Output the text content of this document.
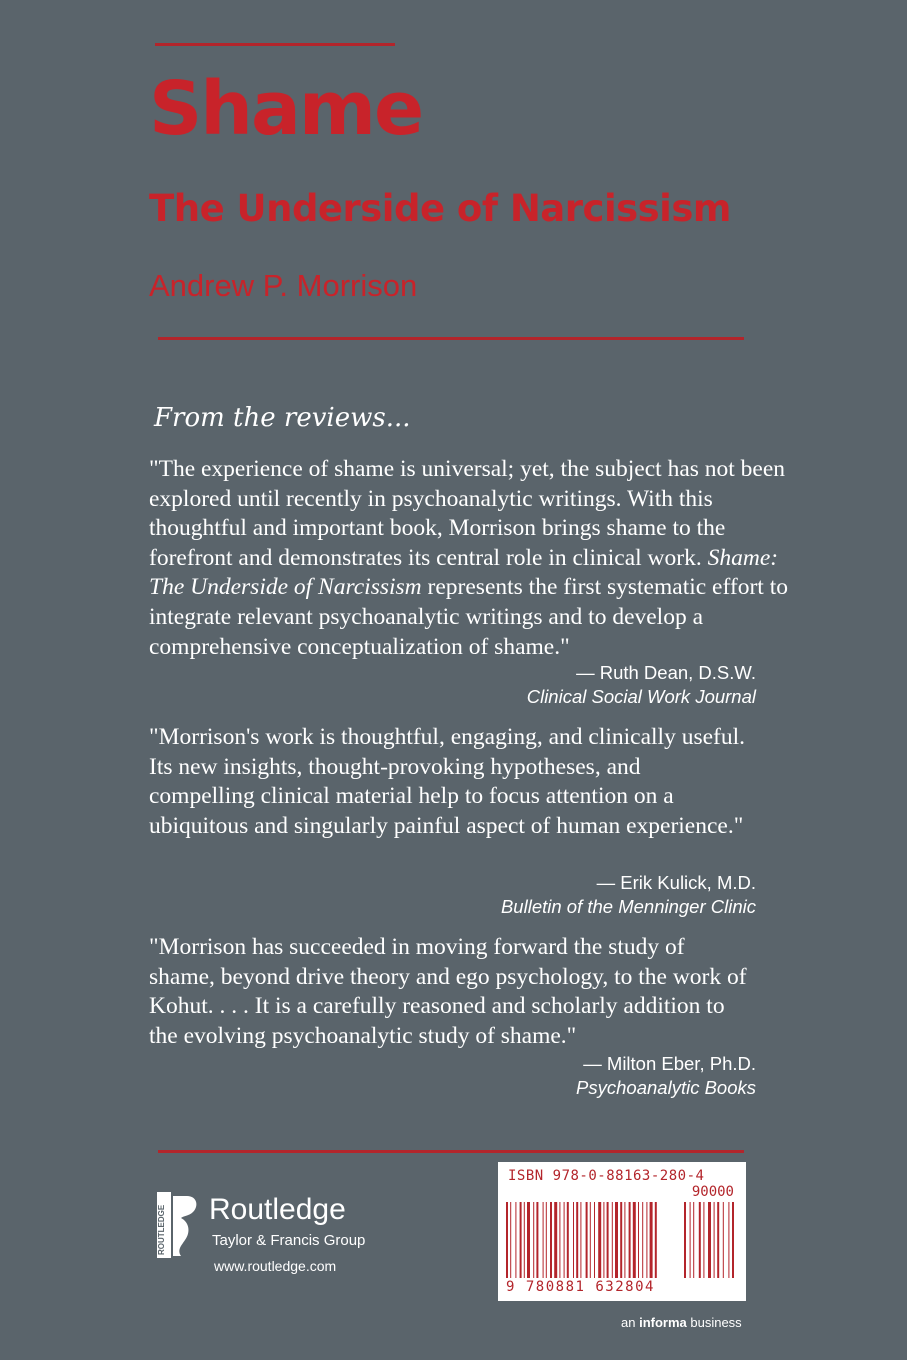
Shame
The Underside of Narcissism
Andrew P. Morrison
From the reviews...
"The experience of shame is universal; yet, the subject has not been explored until recently in psychoanalytic writings. With this thoughtful and important book, Morrison brings shame to the forefront and demonstrates its central role in clinical work. Shame: The Underside of Narcissism represents the first systematic effort to integrate relevant psychoanalytic writings and to develop a comprehensive conceptualization of shame."
— Ruth Dean, D.S.W.
Clinical Social Work Journal
"Morrison's work is thoughtful, engaging, and clinically useful. Its new insights, thought-provoking hypotheses, and compelling clinical material help to focus attention on a ubiquitous and singularly painful aspect of human experience."
— Erik Kulick, M.D.
Bulletin of the Menninger Clinic
"Morrison has succeeded in moving forward the study of shame, beyond drive theory and ego psychology, to the work of Kohut. . . . It is a carefully reasoned and scholarly addition to the evolving psychoanalytic study of shame."
— Milton Eber, Ph.D.
Psychoanalytic Books
ROUTLEDGE Routledge
Taylor & Francis Group
www.routledge.com
ISBN 978-0-88163-280-4
90000
9 780881 632804
an informa business
